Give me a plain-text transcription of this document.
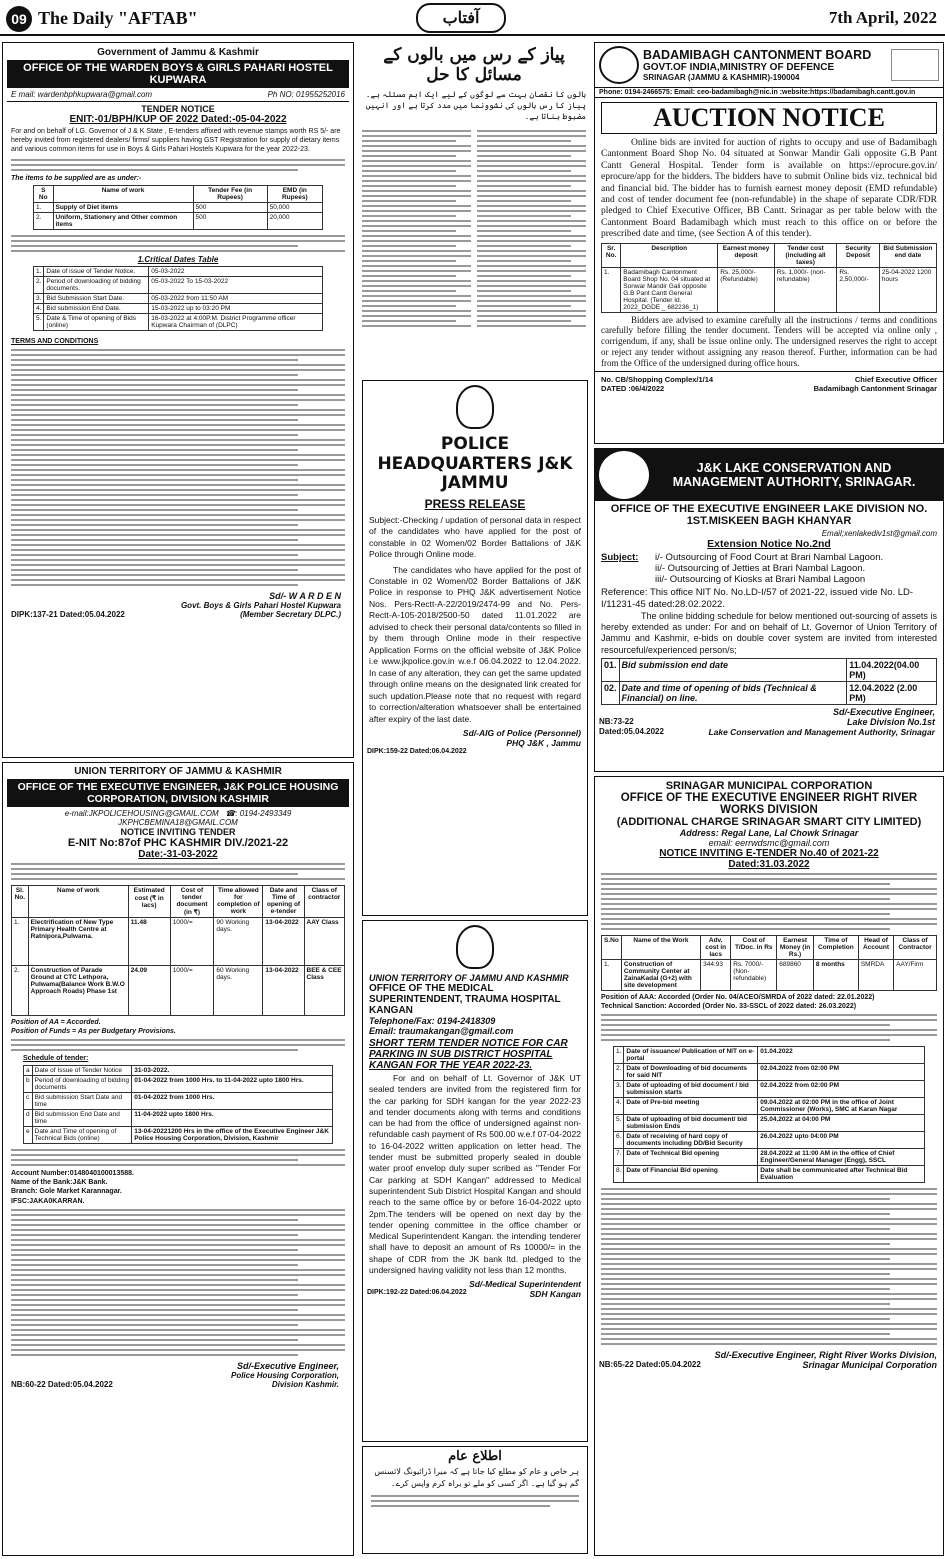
09 The Daily "AFTAB"	آفتاب	7th April, 2022
Government of Jammu & Kashmir
OFFICE OF THE WARDEN BOYS & GIRLS PAHARI HOSTEL KUPWARA
E mail: wardenbphkupwara@gmail.com	Ph NO: 01955252016
TENDER NOTICE
ENIT:-01/BPH/KUP OF 2022 Dated:-05-04-2022
For and on behalf of LG. Governor of J & K State , E-tenders affixed with revenue stamps worth RS 5/- are hereby invited from registered dealers/ firms/ suppliers having GST Registration for supply of dietary items and various common items for use in Boys & Girls Pahari Hostels Kupwara for the year 2022-23.
The items to be supplied are as under:-
S No	Name of work	Tender Fee (in Rupees)	EMD (in Rupees)
1.	Supply of Diet items	500	50,000
2.	Uniform, Stationery and Other common items	500	20,000
1.Critical Dates Table
1.	Date of issue of Tender Notice.	05-03-2022
2.	Period of downloading of bidding documents.	05-03-2022 To 15-03-2022
3.	Bid Submission Start Date.	05-03-2022 from 11:50 AM
4.	Bid submission End Date.	15-03-2022 up to 03:20 PM
5.	Date & Time of opening of Bids (online)	16-03-2022 at 4:00P.M. District Programme officer Kupwara Chairman of (DLPC)
TERMS AND CONDITIONS
Sd/- W A R D E N
Govt. Boys & Girls Pahari Hostel Kupwara
DIPK:137-21 Dated:05.04.2022	(Member Secretary DLPC.)
UNION TERRITORY OF JAMMU & KASHMIR
OFFICE OF THE EXECUTIVE ENGINEER, J&K POLICE HOUSING CORPORATION, DIVISION KASHMIR
e-mail:JKPOLICEHOUSING@GMAIL.COM   ☎: 0194-2493349
JKPHCBEMINA18@GMAIL.COM
NOTICE INVITING TENDER
E-NIT No:87of PHC KASHMIR DIV./2021-22
Date:-31-03-2022
Sl. No.	Name of work	Estimated cost (₹ in lacs)	Cost of tender document (in ₹)	Time allowed for completion of work	Date and Time of opening of e-tender	Class of contractor
1.	Electrification of New Type Primary Health Centre at Ratnipora,Pulwama.	11.48	1000/=	90 Working days.	13-04-2022	AAY Class
2.	Construction of Parade Ground at CTC Lethpora, Pulwama(Balance Work B.W.O Approach Roads) Phase 1st	24.09	1000/=	60 Working days.	13-04-2022	BEE & CEE Class
Position of AA = Accorded.
Position of Funds = As per Budgetary Provisions.
Schedule of tender:
a	Date of Issue of Tender Notice	31-03-2022.
b	Period of downloading of bidding documents	01-04-2022 from 1000 Hrs. to 11-04-2022 upto 1800 Hrs.
c	Bid submission Start Date and time	01-04-2022 from 1000 Hrs.
d	Bid submission End Date and time	11-04-2022 upto 1800 Hrs.
e	Date and Time of opening of Technical Bids (online)	13-04-20221200 Hrs in the office of the Executive Engineer J&K Police Housing Corporation, Division, Kashmir
Account Number:0148040100013588.
Name of the Bank:J&K Bank.
Branch: Gole Market Karannagar.
IFSC:JAKA0KARRAN.
Sd/-Executive Engineer,
Police Housing Corporation,
NB:60-22 Dated:05.04.2022	Division Kashmir.
پیاز کے رس میں بالوں کے مسائل کا حل
بالوں کا نقصان بہت سے لوگوں کے لیے ایک اہم مسئلہ ہے۔ پیاز کا رس بالوں کی نشوونما میں مدد کرتا ہے اور انہیں مضبوط بناتا ہے۔
POLICE HEADQUARTERS J&K JAMMU
PRESS RELEASE
Subject:-Checking / updation of personal data in respect of the candidates who have applied for the post of constable in 02 Women/02 Border Battalions of J&K Police through Online mode.
The candidates who have applied for the post of Constable in 02 Women/02 Border Battalions of J&K Police in response to PHQ J&K advertisement Notice Nos. Pers-Rectt-A-22/2019/2474-99 and No. Pers-Rectt-A-105-2018/2500-50 dated 11.01.2022 are advised to check their personal data/contents so filled in by them through Online mode in their respective Application Forms on the official website of J&K Police i.e www.jkpolice.gov.in w.e.f 06.04.2022 to 12.04.2022. In case of any alteration, they can get the same updated through online means on the designated link created for such updation.Please note that no request with regard to correction/alteration whatsoever shall be entertained after expiry of the last date.
Sd/-AIG of Police (Personnel)
PHQ J&K , Jammu
DIPK:159-22 Dated:06.04.2022
UNION TERRITORY OF JAMMU AND KASHMIR
OFFICE OF THE MEDICAL SUPERINTENDENT, TRAUMA HOSPITAL KANGAN
Telephone/Fax: 0194-2418309
Email: traumakangan@gmail.com
SHORT TERM TENDER NOTICE FOR CAR PARKING IN SUB DISTRICT HOSPITAL KANGAN FOR THE YEAR 2022-23.
For and on behalf of Lt. Governor of J&K UT sealed tenders are invited from the registered firm for the car parking for SDH kangan for the year 2022-23 and tender documents along with terms and conditions can be had from the office of undersigned against non-refundable cash payment of Rs 500.00 w.e.f 07-04-2022 to 16-04-2022 written application on letter head. The tender must be submitted properly sealed in double water proof envelop duly super scribed as "Tender For Car parking at SDH Kangan" addressed to Medical superintendent Sub District Hospital Kangan and should reach to the same office by or before 16-04-2022 upto 2pm.The tenders will be opened on next day by the tender opening committee in the office chamber or Medical Superintendent Kangan. the intending tenderer shall have to deposit an amount of Rs 10000/= in the shape of CDR from the JK bank ltd. pledged to the undersigned having validity not less than 12 months.
Sd/-Medical Superintendent
DIPK:192-22 Dated:06.04.2022	SDH Kangan
اطلاع عام
ہر خاص و عام کو مطلع کیا جاتا ہے کہ میرا ڈرائیونگ لائسنس گم ہو گیا ہے۔ اگر کسی کو ملے تو براہ کرم واپس کرے۔
BADAMIBAGH CANTONMENT BOARD
GOVT.OF INDIA,MINISTRY OF DEFENCE
SRINAGAR (JAMMU & KASHMIR)-190004
Phone: 0194-2466575: Email: ceo-badamibagh@nic.in :website:https://badamibagh.cantt.gov.in
AUCTION NOTICE
Online bids are invited for auction of rights to occupy and use of Badamibagh Cantonment Board Shop No. 04 situated at Sonwar Mandir Gali opposite G.B Pant Cantt General Hospital. Tender form is available on https://eprocure.gov.in/ eprocure/app for the bidders. The bidders have to submit Online bids viz. technical bid and financial bid. The bidder has to furnish earnest money deposit (EMD refundable) and cost of tender document fee (non-refundable) in the shape of separate CDR/FDR pledged to Chief Executive Officer, BB Cantt. Srinagar as per table below with the Cantonment Board Badamibagh which must reach to this office on or before the prescribed date and time, (see Section A of this tender).
Sr. No.	Description	Earnest money deposit	Tender cost (including all taxes)	Security Deposit	Bid Submission end date
1.	Badamibagh Cantonment Board Shop No. 04 situated at Sonwar Mandir Gali opposite G.B Pant Cantt General Hospital. (Tender Id. 2022_DGDE _ 682236_1)	Rs. 25,000/- (Refundable)	Rs. 1,000/- (non-refundable)	Rs. 2,50,000/-	25-04-2022 1200 hours
Bidders are advised to examine carefully all the instructions / terms and conditions carefully before filling the tender document. Tenders will be accepted via online only , corrigendum, if any, shall be issue online only. The undersigned reserves the right to accept or reject any tender without assigning any reason thereof. Further, information can be had from the Office of the undersigned during office hours.
No. CB/Shopping Complex/1/14	Chief Executive Officer
DATED :06/4/2022	Badamibagh Cantonment Srinagar
J&K LAKE CONSERVATION AND MANAGEMENT AUTHORITY, SRINAGAR.
OFFICE OF THE EXECUTIVE ENGINEER LAKE DIVISION NO. 1ST.MISKEEN BAGH KHANYAR
Email;xenlakediv1st@gmail.com
Extension Notice No.2nd
Subject:	i/- Outsourcing of Food Court at Brari Nambal Lagoon.
ii/- Outsourcing of Jetties at Brari Nambal Lagoon.
iii/- Outsourcing of Kiosks at Brari Nambal Lagoon
Reference: This office NIT No. No.LD-I/57 of 2021-22, issued vide No. LD-I/11231-45 dated:28.02.2022.
The online bidding schedule for below mentioned out-sourcing of assets is hereby extended as under: For and on behalf of Lt. Governor of Union Territory of Jammu and Kashmir, e-bids on double cover system are invited from interested resourceful/experienced person/s;
01.	Bid submission end date	11.04.2022(04.00 PM)
02.	Date and time of opening of bids (Technical & Financial) on line.	12.04.2022 (2.00 PM)
Sd/-Executive Engineer,
NB:73-22	Lake Division No.1st
Dated:05.04.2022	Lake Conservation and Management Authority, Srinagar
SRINAGAR MUNICIPAL CORPORATION
OFFICE OF THE EXECUTIVE ENGINEER RIGHT RIVER WORKS DIVISION
(ADDITIONAL CHARGE SRINAGAR SMART CITY LIMITED)
Address: Regal Lane, Lal Chowk Srinagar
email: eerrwdsmc@gmail.com
NOTICE INVITING E-TENDER No.40 of 2021-22
Dated:31.03.2022
S.No	Name of the Work	Adv. cost in lacs	Cost of T/Doc. in Rs	Earnest Money (in Rs.)	Time of Completion	Head of Account	Class of Contractor
1.	Construction of Community Center at ZainaKadal (G+2) with site development	344.93	Rs. 7000/- (Non-refundable)	689860	8 months	SMRDA	AAY/Firm
Position of AAA: Accorded (Order No. 04/ACEO/SMRDA of 2022 dated: 22.01.2022)
Technical Sanction: Accorded (Order No. 33-SSCL of 2022 dated: 26.03.2022)
1.	Date of issuance/ Publication of NIT on e-portal	01.04.2022
2.	Date of Downloading of bid documents for said NIT	02.04.2022 from 02:00 PM
3.	Date of uploading of bid document / bid submission starts	02.04.2022 from 02:00 PM
4.	Date of Pre-bid meeting	09.04.2022 at 02:00 PM in the office of Joint Commissioner (Works), SMC at Karan Nagar
5.	Date of uploading of bid document/ bid submission Ends	25.04.2022 at 04:00 PM
6.	Date of receiving of hard copy of documents including DD/Bid Security	26.04.2022 upto 04:00 PM
7.	Date of Technical Bid opening	28.04.2022 at 11:00 AM in the office of Chief Engineer/General Manager (Engg), SSCL
8.	Date of Financial Bid opening	Date shall be communicated after Technical Bid Evaluation
Sd/-Executive Engineer, Right River Works Division,
NB:65-22 Dated:05.04.2022	Srinagar Municipal Corporation
